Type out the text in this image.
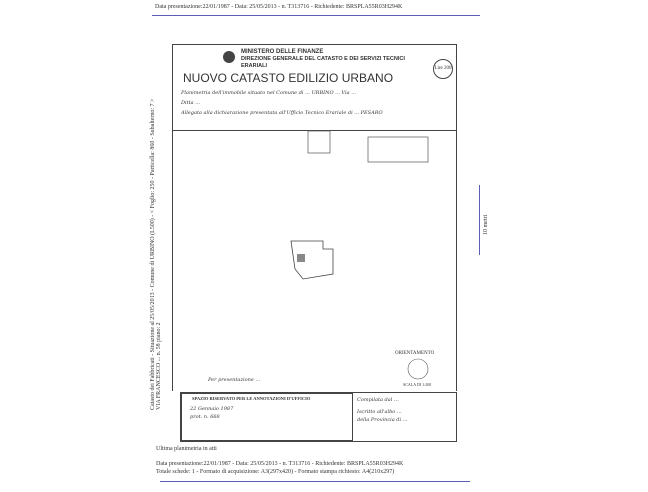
Data presentazione:22/01/1987 - Data: 25/05/2013 - n. T313716 - Richiedente: BRSPLA55R03H294K
Catasto dei Fabbricati - Situazione al 25/05/2013 - Comune di URBINO (L500) - < Foglio: 250 - Particella: 860 - Subalterno: 7 > VIA FRANCESCO ... n. 58 piano: 2
10 metri
MINISTERO DELLE FINANZE
DIREZIONE GENERALE DEL CATASTO E DEI SERVIZI TECNICI ERARIALI
NUOVO CATASTO EDILIZIO URBANO
Lire 200
Planimetria dell'immobile situato nel Comune di ... URBINO ... Via ...
Ditta ...
Allegata alla dichiarazione presentata all'Ufficio Tecnico Erariale di ... PESARO
ORIENTAMENTO
SCALA DI 1:200
Per presentazione ...
SPAZIO RISERVATO PER LE ANNOTAZIONI D'UFFICIO
22 Gennaio 1987
prot. n. 668
Compilata dal ...
Iscritto all'albo ...
della Provincia di ...
Ultima planimetria in atti
Data presentazione:22/01/1987 - Data: 25/05/2013 - n. T313716 - Richiedente: BRSPLA55R03H294K
Totale schede: 1 - Formato di acquisizione: A3(297x420) - Formato stampa richiesto: A4(210x297)
